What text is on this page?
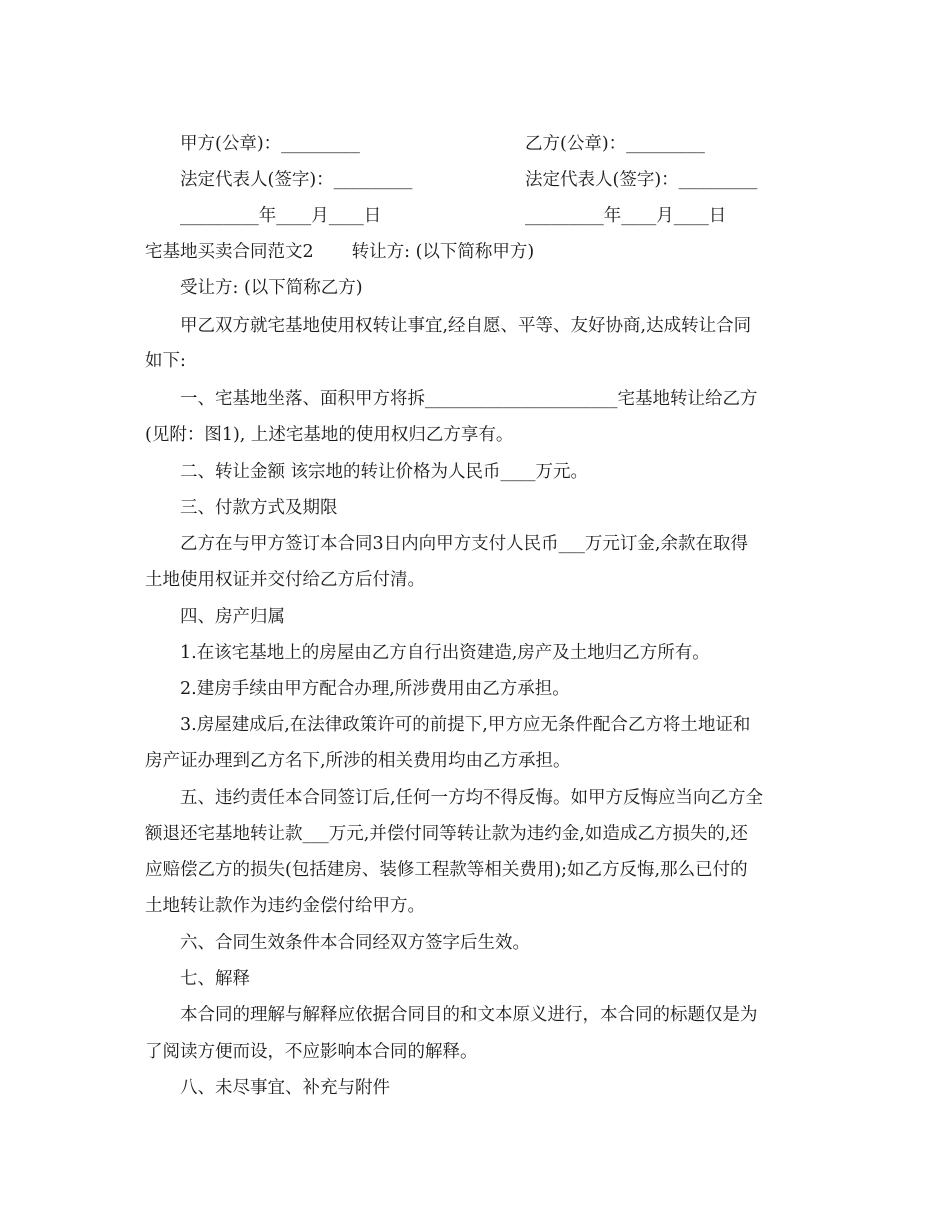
甲方(公章)：_________	乙方(公章)：_________
法定代表人(签字)：_________	法定代表人(签字)：_________
_________年____月____日	_________年____月____日
宅基地买卖合同范文2 转让方: (以下简称甲方)
受让方: (以下简称乙方)
甲乙双方就宅基地使用权转让事宜,经自愿、平等、友好协商,达成转让合同
如下:
一、宅基地坐落、面积甲方将拆______________________宅基地转让给乙方
(见附：图1), 上述宅基地的使用权归乙方享有。
二、转让金额 该宗地的转让价格为人民币____万元。
三、付款方式及期限
乙方在与甲方签订本合同3日内向甲方支付人民币___万元订金,余款在取得
土地使用权证并交付给乙方后付清。
四、房产归属
1.在该宅基地上的房屋由乙方自行出资建造,房产及土地归乙方所有。
2.建房手续由甲方配合办理,所涉费用由乙方承担。
3.房屋建成后,在法律政策许可的前提下,甲方应无条件配合乙方将土地证和
房产证办理到乙方名下,所涉的相关费用均由乙方承担。
五、违约责任本合同签订后,任何一方均不得反悔。如甲方反悔应当向乙方全
额退还宅基地转让款___万元,并偿付同等转让款为违约金,如造成乙方损失的,还
应赔偿乙方的损失(包括建房、装修工程款等相关费用);如乙方反悔,那么已付的
土地转让款作为违约金偿付给甲方。
六、合同生效条件本合同经双方签字后生效。
七、解释
本合同的理解与解释应依据合同目的和文本原义进行，本合同的标题仅是为
了阅读方便而设，不应影响本合同的解释。
八、未尽事宜、补充与附件
